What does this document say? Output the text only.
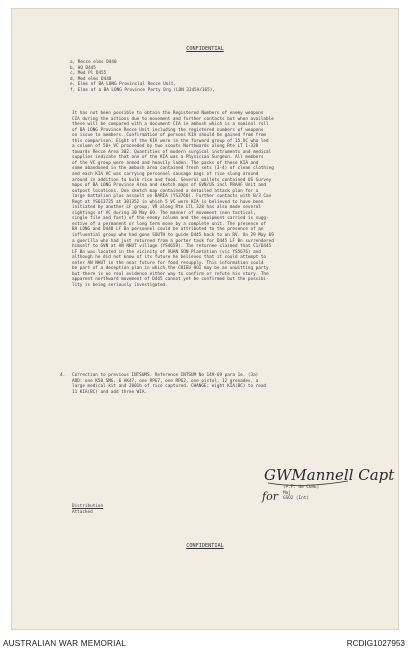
CONFIDENTIAL
a, Recce elms D440
b, HQ D445
c, Med Pl D455
d, Med elms D440
e, Elms of BA LONG Provincial Recce Unit,
f, Elms of a BA LONG Province Party Org (LDN 3245A/165),
It has not been possible to obtain the Registered Numbers of enemy weapons
CIA during the actions due to movement and further contacts but when available
these will be compared with a document CIA in ambush which is a nominal roll
of BA LONG Province Recce Unit including the registered numbers of weapons
on issue to members. Confirmation of persons KIA should be gained from from
this comparison. Eight of the KIA were in the forward group of 15 VC who led
a column of 50+ VC proceeded by two scouts Northwards along Rte LT 1-328
towards Recce Area 302. Quantities of modern surgical instruments and medical
supplies indicate that one of the KIA was a Physician Surgeon. All members
of the VC group were armed and heavily laden. The packs of these KIA and
some abandoned in the ambush area contained fresh sets (3-4) of clean clothing
and each KIA VC was carrying personnel sausage bags of rice slung around
around in addition to bulk rice and food. Several wallets contained US Survey
maps of BA LONG Province Area and sketch maps of GVN/US incl PRAAF Unit and
outpost locations. One sketch map contained a detailed attack plan for a
large battalion plus assault on BARIA (YS3760). Further contacts with B/3 Cav
Regt at YS613725 at 301352 in which 5 VC were KIA is believed to have been
initiated by another LF group, VR along Rte LTL 328 has also made several
sightings of VC during 30 May 69. The manner of movement (non tactical,
single file and fast) of the enemy column and the equipment carried is sugg-
estive of a permanent or long term move by a complete unit. The presence of
BA LONG and D440 LF Bn personnel could be attributed to the presence of an
influential group who had gone SOUTH to guide D445 back to an RV. On 29 May 69
a guerilla who had just returned from a porter task for D445 LF Bn surrendered
himself to GVN at AN NHUT village (YS4659). The returnee claimed that C1/D445
LF Bn was located in the vicinity of XUAN SON Plantation (vic YS5676) and
although he did not know of its future he believes that it could attempt to
enter AN NHUT in the near future for food resupply. This information could
be part of a deception plan in which the CHIEU HOI may be an unwitting party
but there is no real evidence either way to confirm or refute his story. The
apparent northward movement of D445 cannot yet be confirmed but the possibi-
lity is being seriously investigated.
4.	Correction to previous INTSUMS. Reference INTSUM No 149-69 para 1e. (3a)
ADD: one K50 SMG, 6 AK47, one RPG7, one RPG2, one pistol, 12 grenades, a
large medical kit and 2001b of rice captured. CHANGE: eight KIA(BC) to read
11 KIA(BC) and add three WIA.
GWMannell Capt
for
(P.F. de CURE)
Maj
GSO2 (Int)
Distribution
Attached
CONFIDENTIAL
AUSTRALIAN WAR MEMORIAL	RCDIG1027953
